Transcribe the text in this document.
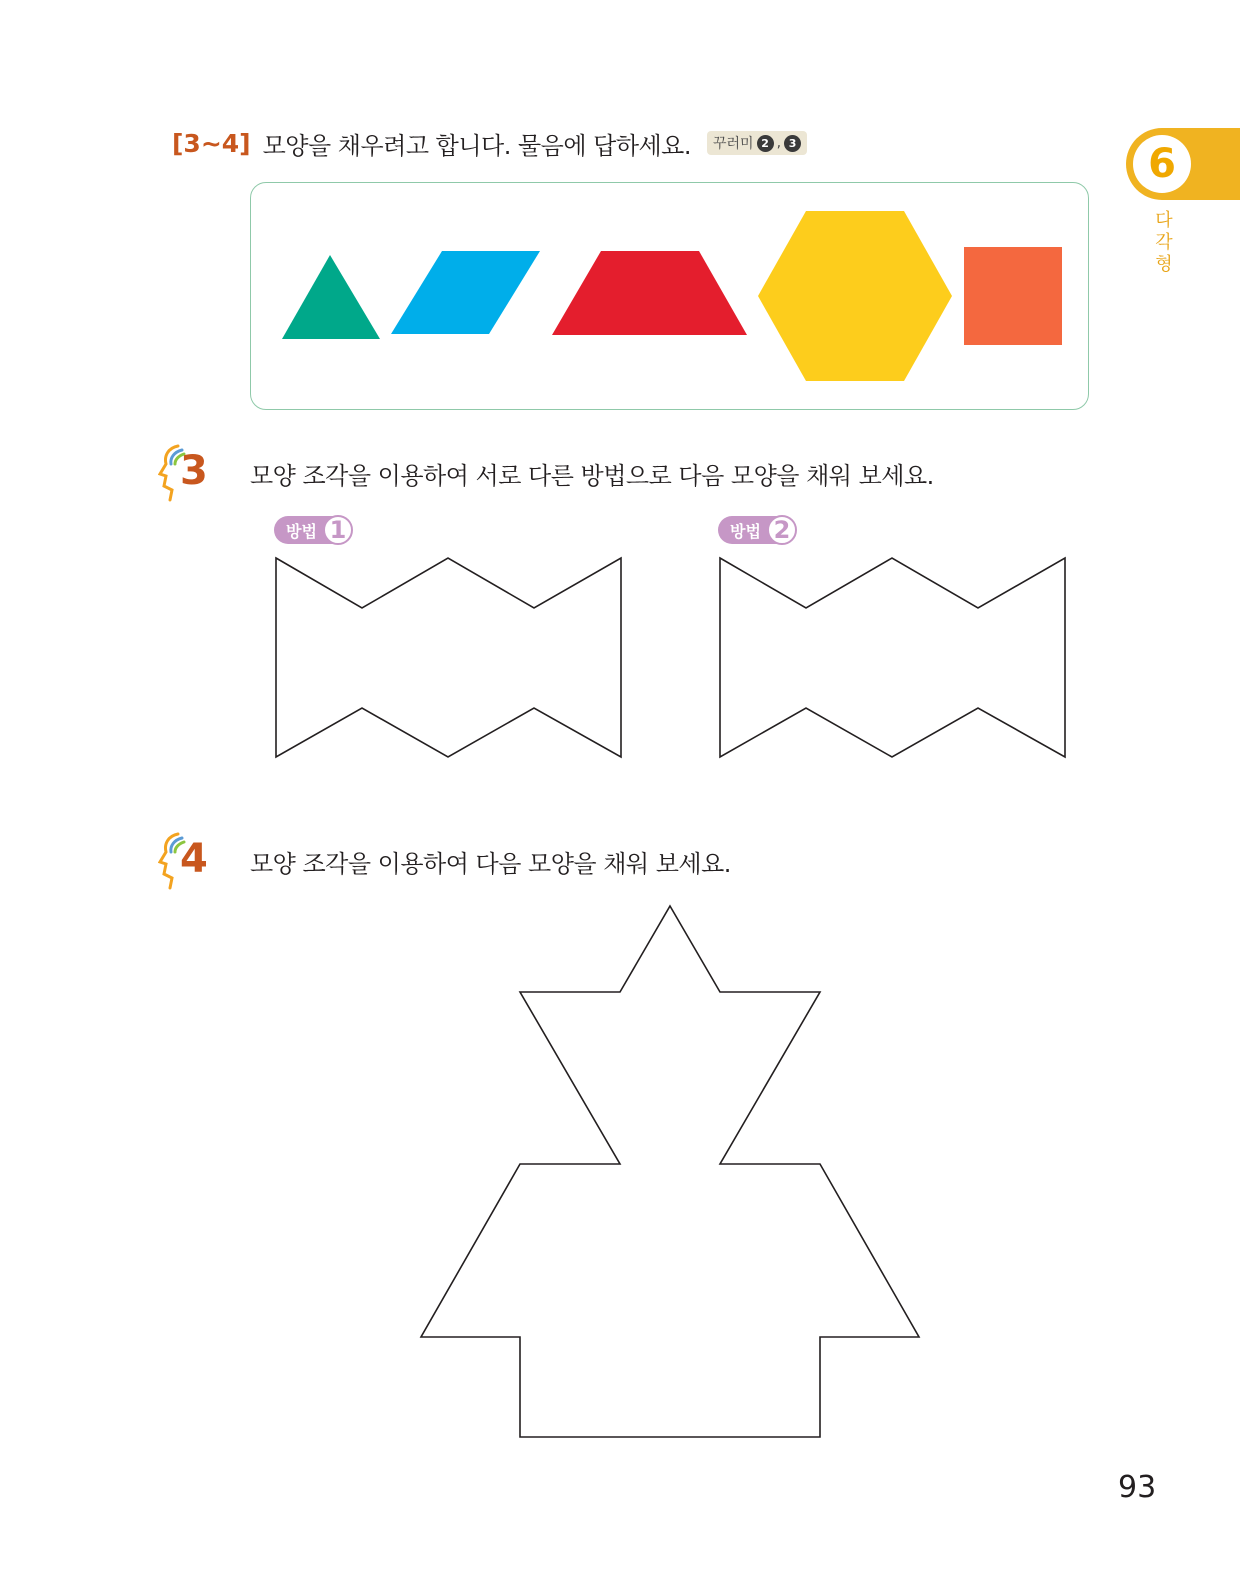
[3~4] 모양을 채우려고 합니다. 물음에 답하세요. 꾸러미 2 , 3	6
다각형
3 모양 조각을 이용하여 서로 다른 방법으로 다음 모양을 채워 보세요.
방법 1	방법 2
4 모양 조각을 이용하여 다음 모양을 채워 보세요.
93
